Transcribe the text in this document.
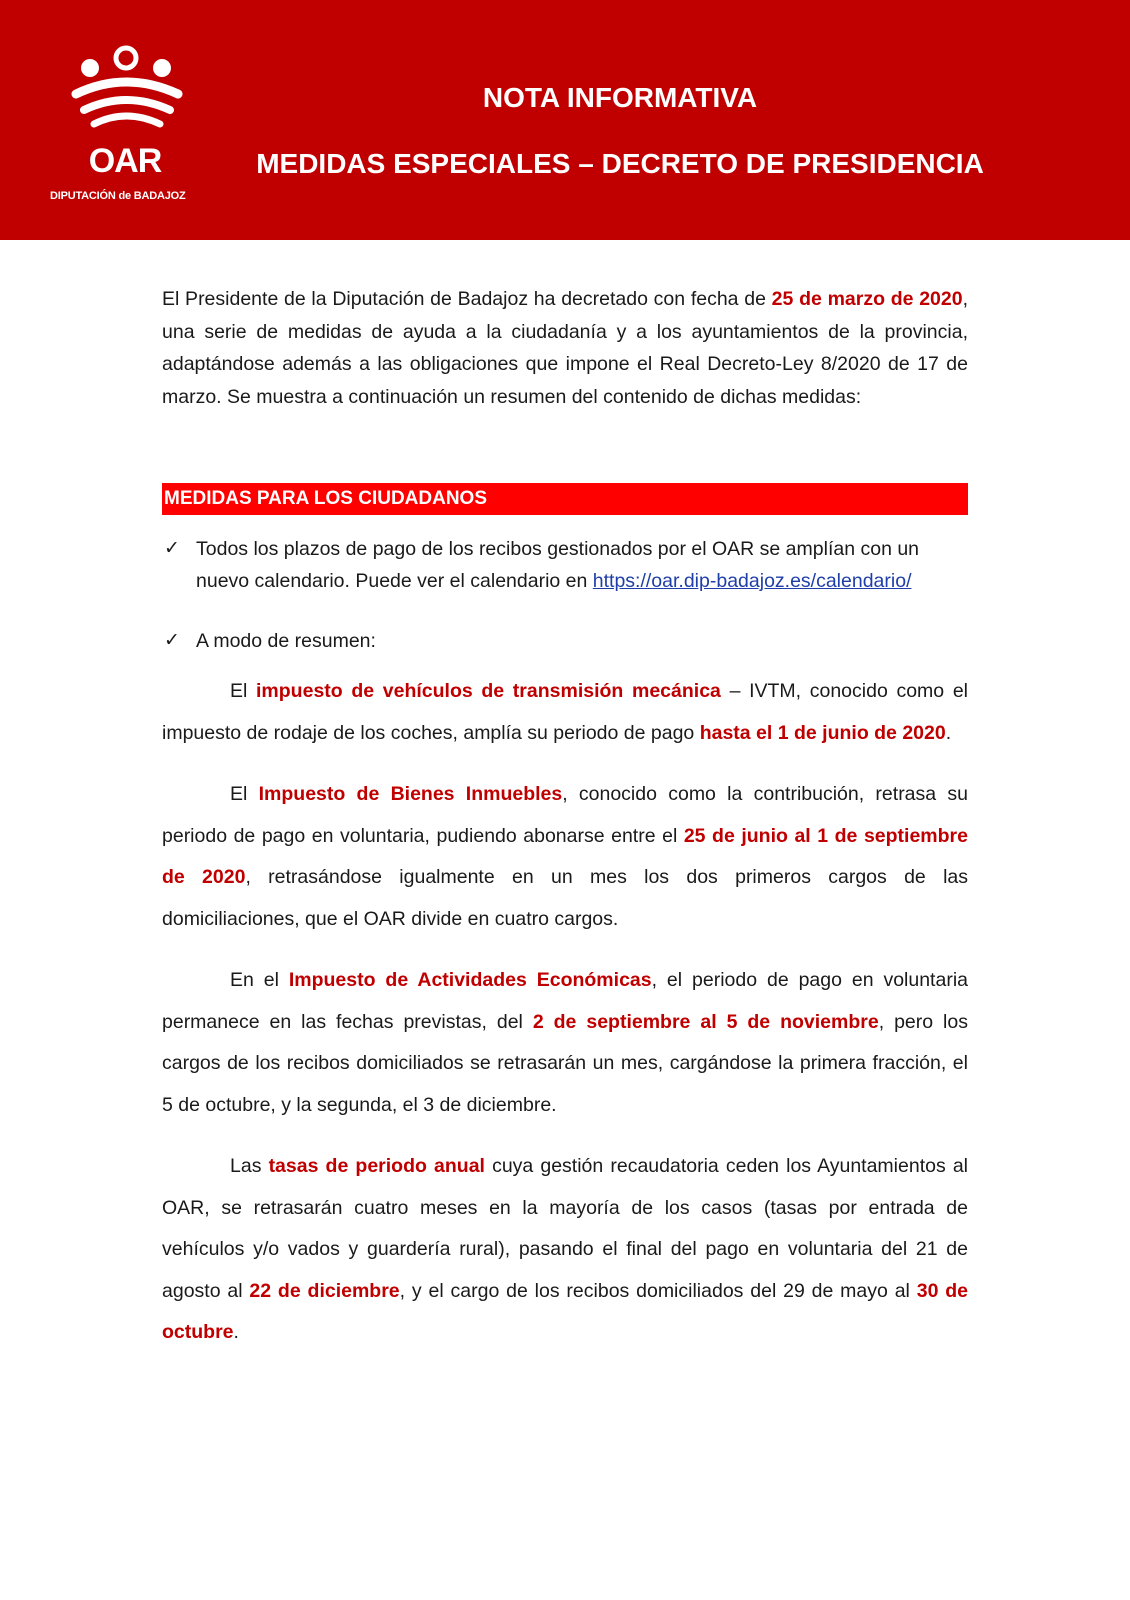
OAR
DIPUTACIÓN de BADAJOZ
NOTA INFORMATIVA
MEDIDAS ESPECIALES – DECRETO DE PRESIDENCIA

El Presidente de la Diputación de Badajoz ha decretado con fecha de 25 de marzo de 2020, una serie de medidas de ayuda a la ciudadanía y a los ayuntamientos de la provincia, adaptándose además a las obligaciones que impone el Real Decreto-Ley 8/2020 de 17 de marzo. Se muestra a continuación un resumen del contenido de dichas medidas:

MEDIDAS PARA LOS CIUDADANOS

✓ Todos los plazos de pago de los recibos gestionados por el OAR se amplían con un nuevo calendario. Puede ver el calendario en https://oar.dip-badajoz.es/calendario/

✓ A modo de resumen:

El impuesto de vehículos de transmisión mecánica – IVTM, conocido como el impuesto de rodaje de los coches, amplía su periodo de pago hasta el 1 de junio de 2020.

El Impuesto de Bienes Inmuebles, conocido como la contribución, retrasa su periodo de pago en voluntaria, pudiendo abonarse entre el 25 de junio al 1 de septiembre de 2020, retrasándose igualmente en un mes los dos primeros cargos de las domiciliaciones, que el OAR divide en cuatro cargos.

En el Impuesto de Actividades Económicas, el periodo de pago en voluntaria permanece en las fechas previstas, del 2 de septiembre al 5 de noviembre, pero los cargos de los recibos domiciliados se retrasarán un mes, cargándose la primera fracción, el 5 de octubre, y la segunda, el 3 de diciembre.

Las tasas de periodo anual cuya gestión recaudatoria ceden los Ayuntamientos al OAR, se retrasarán cuatro meses en la mayoría de los casos (tasas por entrada de vehículos y/o vados y guardería rural), pasando el final del pago en voluntaria del 21 de agosto al 22 de diciembre, y el cargo de los recibos domiciliados del 29 de mayo al 30 de octubre.
